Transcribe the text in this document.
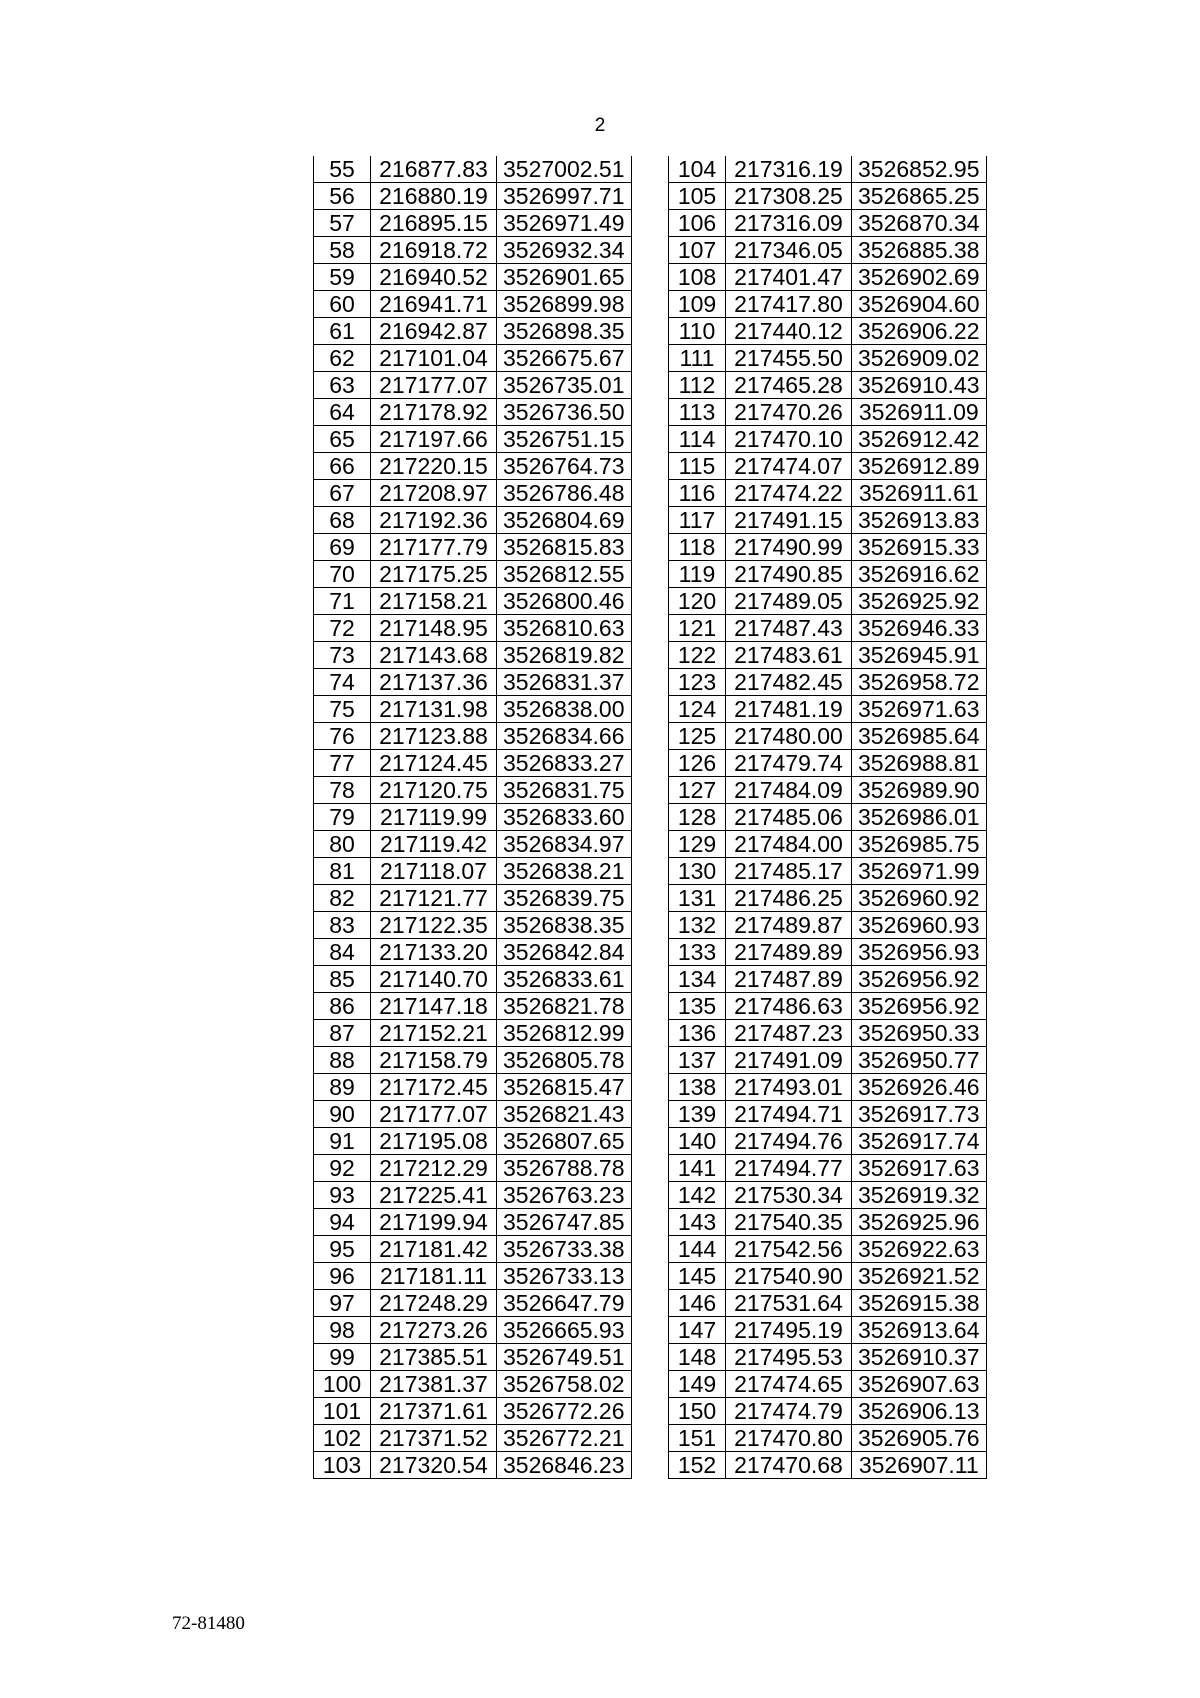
2
55	216877.83	3527002.51
56	216880.19	3526997.71
57	216895.15	3526971.49
58	216918.72	3526932.34
59	216940.52	3526901.65
60	216941.71	3526899.98
61	216942.87	3526898.35
62	217101.04	3526675.67
63	217177.07	3526735.01
64	217178.92	3526736.50
65	217197.66	3526751.15
66	217220.15	3526764.73
67	217208.97	3526786.48
68	217192.36	3526804.69
69	217177.79	3526815.83
70	217175.25	3526812.55
71	217158.21	3526800.46
72	217148.95	3526810.63
73	217143.68	3526819.82
74	217137.36	3526831.37
75	217131.98	3526838.00
76	217123.88	3526834.66
77	217124.45	3526833.27
78	217120.75	3526831.75
79	217119.99	3526833.60
80	217119.42	3526834.97
81	217118.07	3526838.21
82	217121.77	3526839.75
83	217122.35	3526838.35
84	217133.20	3526842.84
85	217140.70	3526833.61
86	217147.18	3526821.78
87	217152.21	3526812.99
88	217158.79	3526805.78
89	217172.45	3526815.47
90	217177.07	3526821.43
91	217195.08	3526807.65
92	217212.29	3526788.78
93	217225.41	3526763.23
94	217199.94	3526747.85
95	217181.42	3526733.38
96	217181.11	3526733.13
97	217248.29	3526647.79
98	217273.26	3526665.93
99	217385.51	3526749.51
100	217381.37	3526758.02
101	217371.61	3526772.26
102	217371.52	3526772.21
103	217320.54	3526846.23
104	217316.19	3526852.95
105	217308.25	3526865.25
106	217316.09	3526870.34
107	217346.05	3526885.38
108	217401.47	3526902.69
109	217417.80	3526904.60
110	217440.12	3526906.22
111	217455.50	3526909.02
112	217465.28	3526910.43
113	217470.26	3526911.09
114	217470.10	3526912.42
115	217474.07	3526912.89
116	217474.22	3526911.61
117	217491.15	3526913.83
118	217490.99	3526915.33
119	217490.85	3526916.62
120	217489.05	3526925.92
121	217487.43	3526946.33
122	217483.61	3526945.91
123	217482.45	3526958.72
124	217481.19	3526971.63
125	217480.00	3526985.64
126	217479.74	3526988.81
127	217484.09	3526989.90
128	217485.06	3526986.01
129	217484.00	3526985.75
130	217485.17	3526971.99
131	217486.25	3526960.92
132	217489.87	3526960.93
133	217489.89	3526956.93
134	217487.89	3526956.92
135	217486.63	3526956.92
136	217487.23	3526950.33
137	217491.09	3526950.77
138	217493.01	3526926.46
139	217494.71	3526917.73
140	217494.76	3526917.74
141	217494.77	3526917.63
142	217530.34	3526919.32
143	217540.35	3526925.96
144	217542.56	3526922.63
145	217540.90	3526921.52
146	217531.64	3526915.38
147	217495.19	3526913.64
148	217495.53	3526910.37
149	217474.65	3526907.63
150	217474.79	3526906.13
151	217470.80	3526905.76
152	217470.68	3526907.11
72-81480
